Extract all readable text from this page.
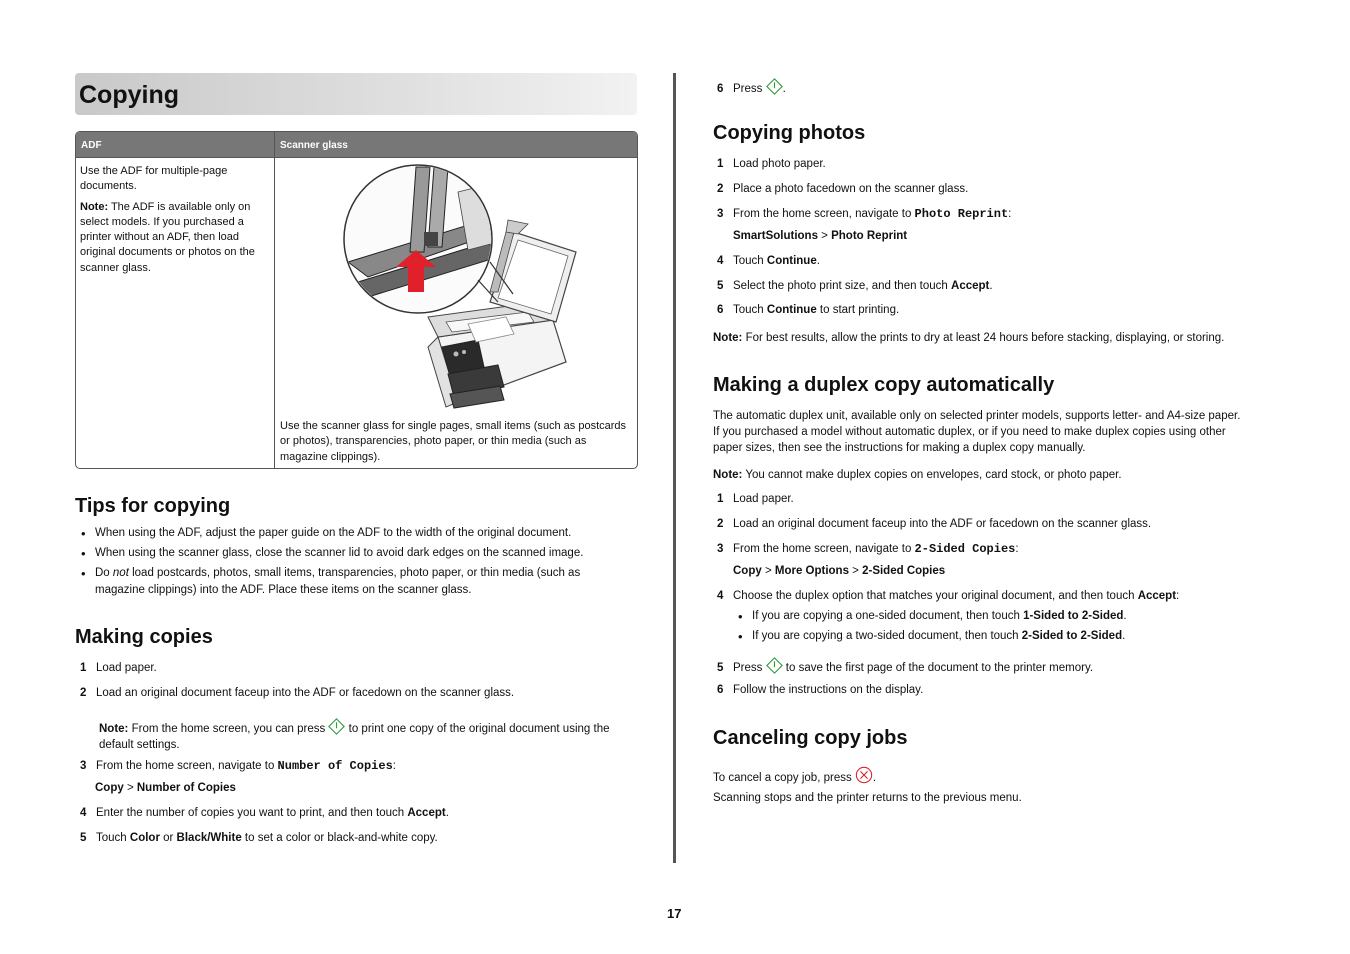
Copying
ADF	Scanner glass
Use the ADF for multiple-page documents.
Note: The ADF is available only on select models. If you purchased a printer without an ADF, then load original documents or photos on the scanner glass.
Use the scanner glass for single pages, small items (such as postcards or photos), transparencies, photo paper, or thin media (such as magazine clippings).
Tips for copying
• When using the ADF, adjust the paper guide on the ADF to the width of the original document.
• When using the scanner glass, close the scanner lid to avoid dark edges on the scanned image.
• Do not load postcards, photos, small items, transparencies, photo paper, or thin media (such as magazine clippings) into the ADF. Place these items on the scanner glass.
Making copies
1 Load paper.
2 Load an original document faceup into the ADF or facedown on the scanner glass.
Note: From the home screen, you can press  to print one copy of the original document using the default settings.
3 From the home screen, navigate to Number of Copies:
Copy > Number of Copies
4 Enter the number of copies you want to print, and then touch Accept.
5 Touch Color or Black/White to set a color or black-and-white copy.
6 Press .
Copying photos
1 Load photo paper.
2 Place a photo facedown on the scanner glass.
3 From the home screen, navigate to Photo Reprint:
SmartSolutions > Photo Reprint
4 Touch Continue.
5 Select the photo print size, and then touch Accept.
6 Touch Continue to start printing.
Note: For best results, allow the prints to dry at least 24 hours before stacking, displaying, or storing.
Making a duplex copy automatically
The automatic duplex unit, available only on selected printer models, supports letter- and A4-size paper.
If you purchased a model without automatic duplex, or if you need to make duplex copies using other
paper sizes, then see the instructions for making a duplex copy manually.
Note: You cannot make duplex copies on envelopes, card stock, or photo paper.
1 Load paper.
2 Load an original document faceup into the ADF or facedown on the scanner glass.
3 From the home screen, navigate to 2-Sided Copies:
Copy > More Options > 2-Sided Copies
4 Choose the duplex option that matches your original document, and then touch Accept:
• If you are copying a one-sided document, then touch 1-Sided to 2-Sided.
• If you are copying a two-sided document, then touch 2-Sided to 2-Sided.
5 Press  to save the first page of the document to the printer memory.
6 Follow the instructions on the display.
Canceling copy jobs
To cancel a copy job, press .
Scanning stops and the printer returns to the previous menu.
17
